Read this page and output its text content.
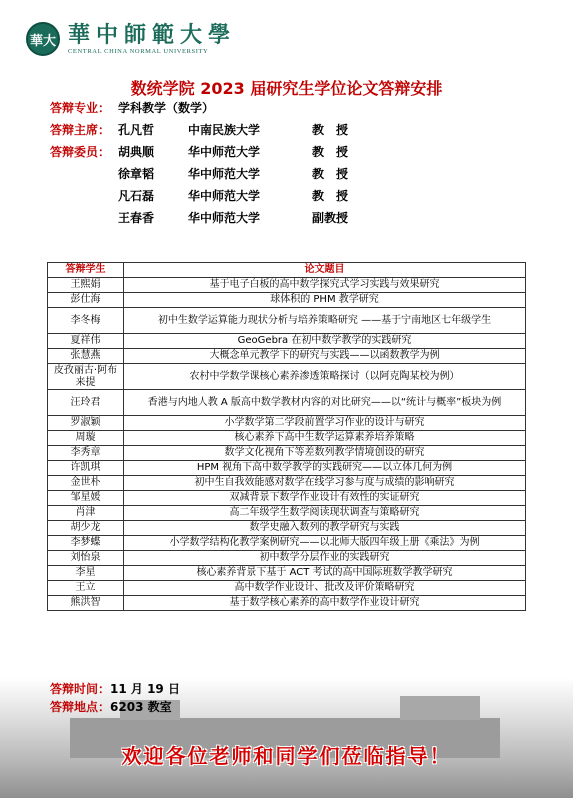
華大 華中師範大學
CENTRAL CHINA NORMAL UNIVERSITY
数统学院 2023 届研究生学位论文答辩安排
答辩专业： 学科教学（数学）
答辩主席： 孔凡哲	中南民族大学	教　授
答辩委员： 胡典顺	华中师范大学	教　授
徐章韬	华中师范大学	教　授
凡石磊	华中师范大学	教　授
王春香	华中师范大学	副教授
答辩学生	论文题目
王熙娟	基于电子白板的高中数学探究式学习实践与效果研究
彭仕海	球体积的 PHM 教学研究
李冬梅	初中生数学运算能力现状分析与培养策略研究 ——基于宁南地区七年级学生
夏祥伟	GeoGebra 在初中数学教学的实践研究
张慧燕	大概念单元教学下的研究与实践——以函数教学为例
皮孜丽古·阿布来提	农村中学数学课核心素养渗透策略探讨（以阿克陶某校为例）
汪玲君	香港与内地人教 A 版高中数学教材内容的对比研究——以“统计与概率”板块为例
罗淑颖	小学数学第二学段前置学习作业的设计与研究
周璇	核心素养下高中生数学运算素养培养策略
李秀章	数学文化视角下等差数列教学情境创设的研究
许凯琪	HPM 视角下高中数学教学的实践研究——以立体几何为例
金世朴	初中生自我效能感对数学在线学习参与度与成绩的影响研究
邹星媛	双减背景下数学作业设计有效性的实证研究
肖津	高二年级学生数学阅读现状调查与策略研究
胡少龙	数学史融入数列的教学研究与实践
李梦蝶	小学数学结构化教学案例研究——以北师大版四年级上册《乘法》为例
刘怡泉	初中数学分层作业的实践研究
李星	核心素养背景下基于 ACT 考试的高中国际班数学教学研究
王立	高中数学作业设计、批改及评价策略研究
熊洪智	基于数学核心素养的高中数学作业设计研究
答辩时间：11 月 19 日
答辩地点：6203 教室
欢迎各位老师和同学们莅临指导！
